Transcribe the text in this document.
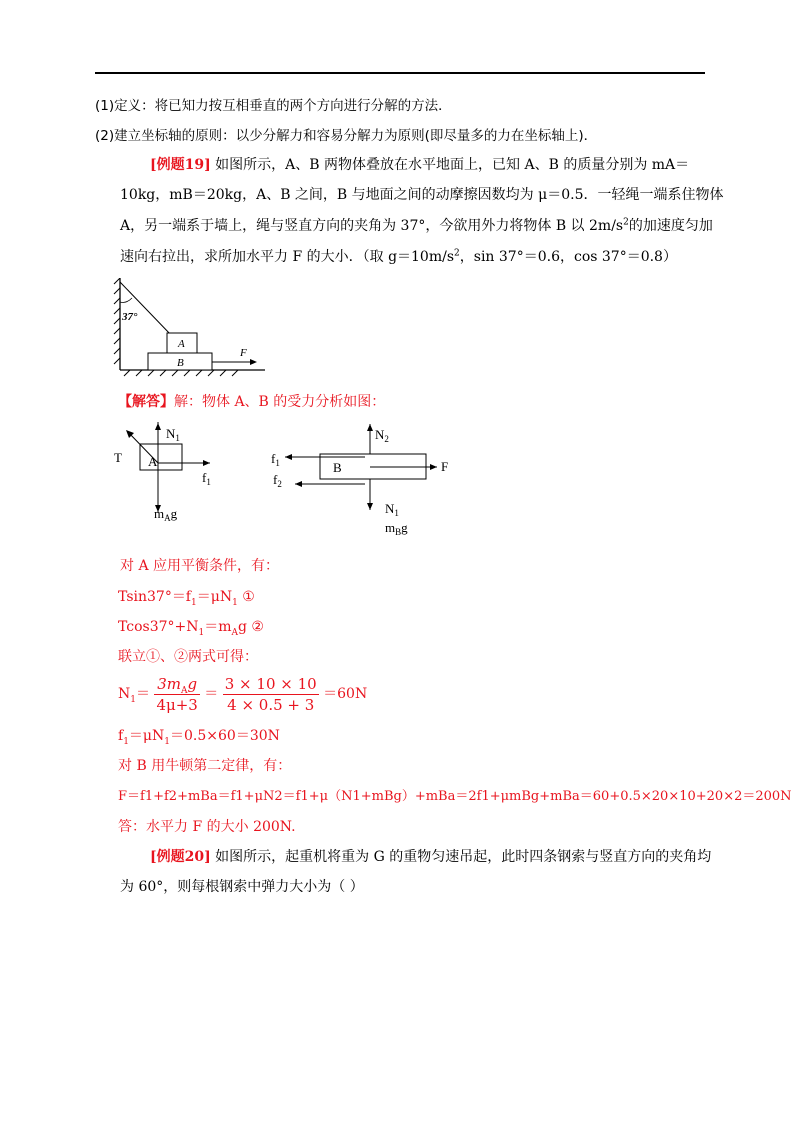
(1)定义：将已知力按互相垂直的两个方向进行分解的方法．
(2)建立坐标轴的原则：以少分解力和容易分解力为原则(即尽量多的力在坐标轴上)．
[例题19] 如图所示，A、B 两物体叠放在水平地面上，已知 A、B 的质量分别为 mA＝
10kg，mB＝20kg，A、B 之间，B 与地面之间的动摩擦因数均为 μ＝0.5．一轻绳一端系住物体
A，另一端系于墙上，绳与竖直方向的夹角为 37°，今欲用外力将物体 B 以 $2m/s^2$的加速度匀加
速向右拉出，求所加水平力 F 的大小．（取 $g=10m/s^2$，sin 37°＝0.6，cos 37°＝0.8）
37°
A
B
F
【解答】解：物体 A、B 的受力分析如图：
$N_1$
T A
$f_1$
$m_Ag$
$N_2$
$f_1$
$f_2$
B	F
$N_1$
$m_Bg$
对 A 应用平衡条件，有：
$Tsin37^\circ=f_1=\mu N_1$ ①
$Tcos37^\circ+N_1=m_Ag$ ②
联立①、②两式可得：
$N_1= \frac{3m_Ag}{4\mu+3} = \frac{3 \times 10 \times 10}{4 \times 0.5 + 3} =60N$
$f_1=\mu N_1=0.5\times 60=30N$
对 B 用牛顿第二定律，有：
F＝f1+f2+mBa＝f1+μN2＝f1+μ（N1+mBg）+mBa＝2f1+μmBg+mBa＝60+0.5×20×10+20×2＝200N
答：水平力 F 的大小 200N.
[例题20] 如图所示，起重机将重为 G 的重物匀速吊起，此时四条钢索与竖直方向的夹角均
为 60°，则每根钢索中弹力大小为（ ）
